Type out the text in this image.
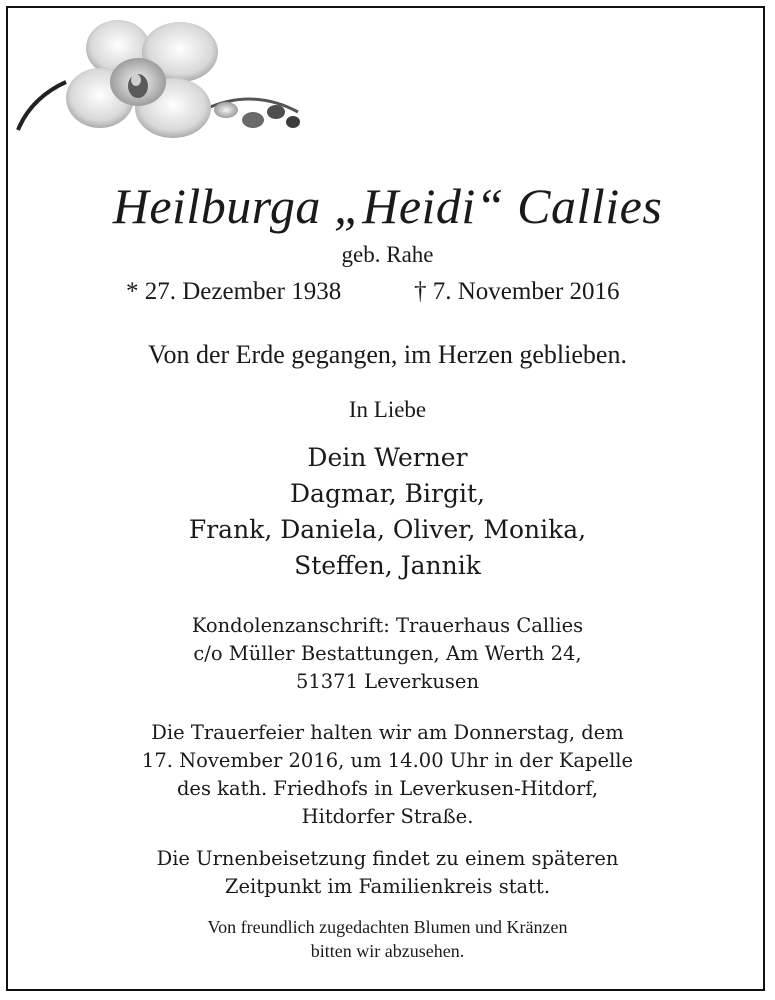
Heilburga „Heidi“ Callies
geb. Rahe
* 27. Dezember 1938	† 7. November 2016
Von der Erde gegangen, im Herzen geblieben.
In Liebe
Dein Werner
Dagmar, Birgit,
Frank, Daniela, Oliver, Monika,
Steffen, Jannik
Kondolenzanschrift: Trauerhaus Callies
c/o Müller Bestattungen, Am Werth 24,
51371 Leverkusen
Die Trauerfeier halten wir am Donnerstag, dem
17. November 2016, um 14.00 Uhr in der Kapelle
des kath. Friedhofs in Leverkusen-Hitdorf,
Hitdorfer Straße.
Die Urnenbeisetzung findet zu einem späteren
Zeitpunkt im Familienkreis statt.
Von freundlich zugedachten Blumen und Kränzen
bitten wir abzusehen.
